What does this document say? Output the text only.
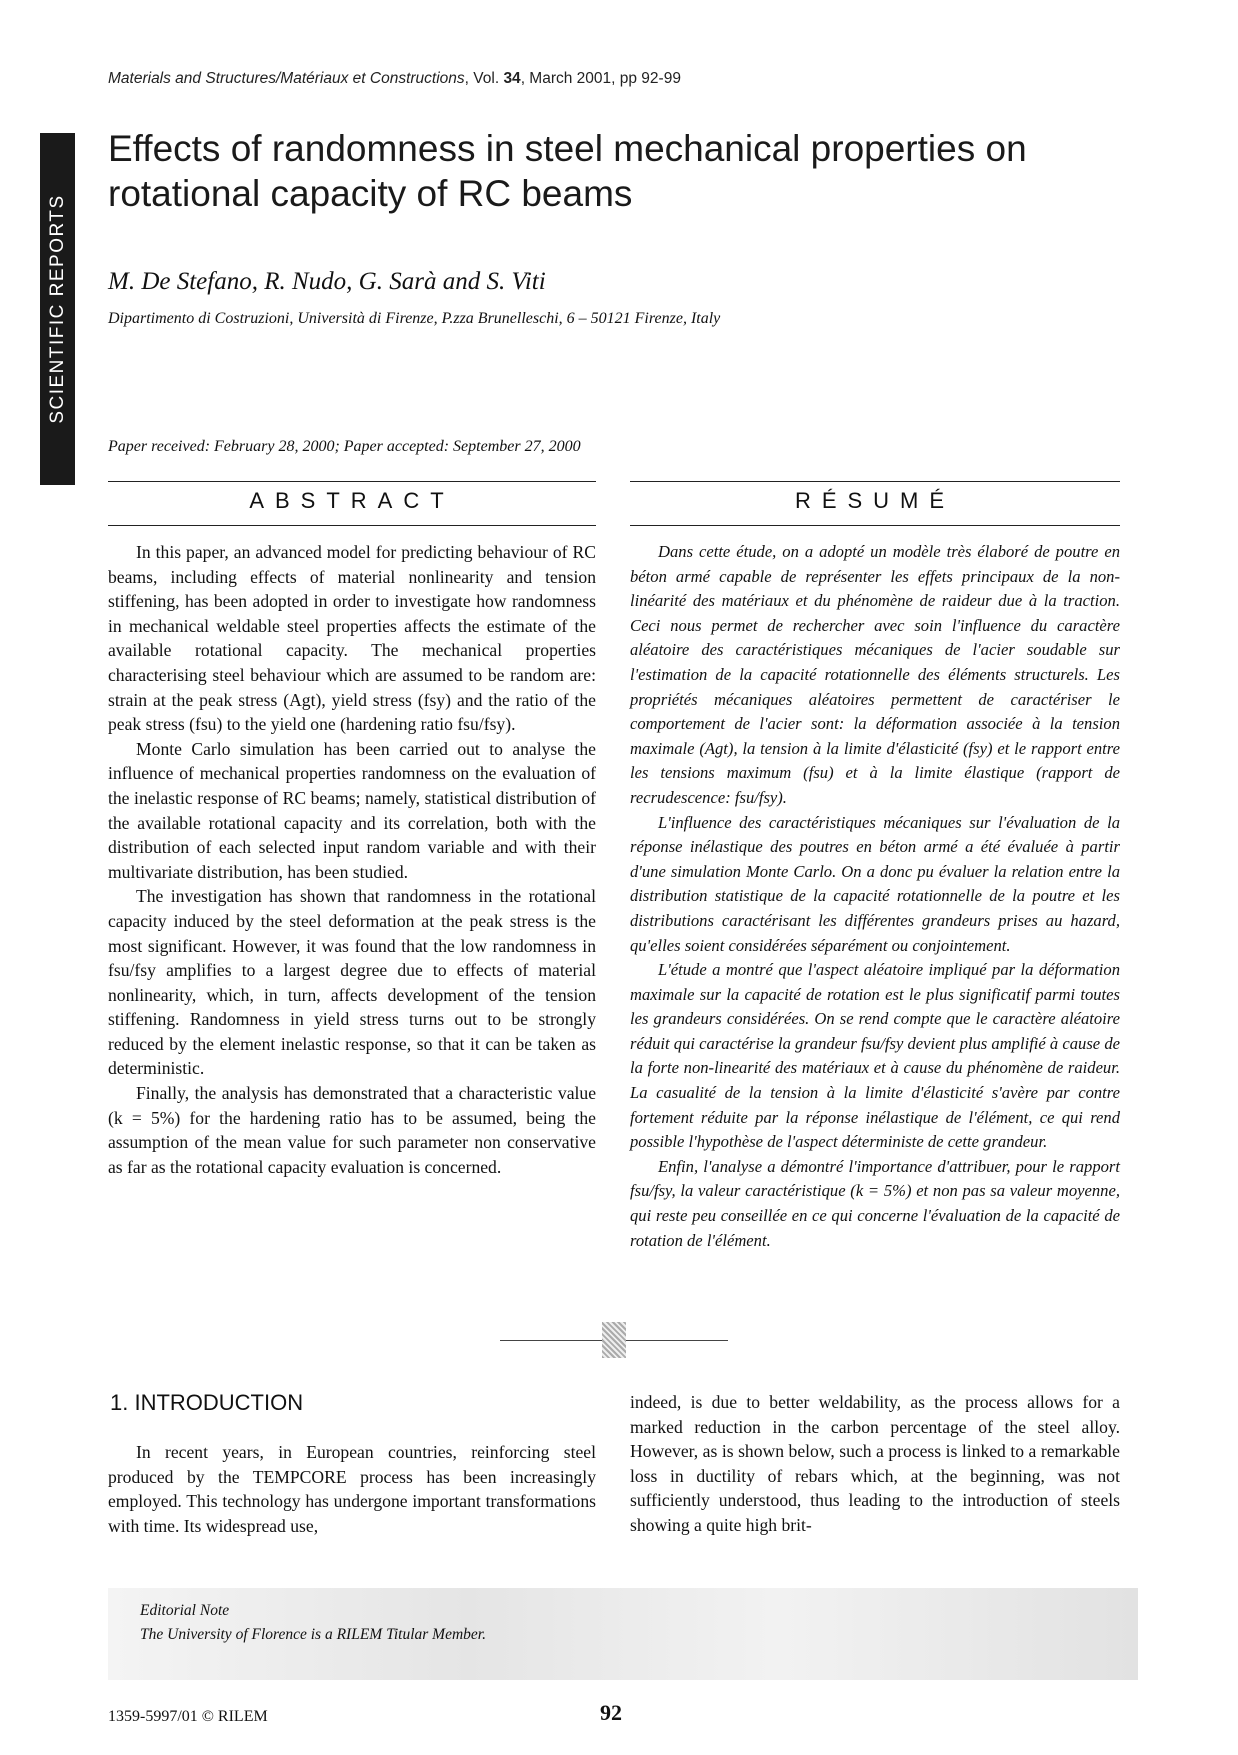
Materials and Structures/Matériaux et Constructions, Vol. 34, March 2001, pp 92-99
SCIENTIFIC REPORTS
Effects of randomness in steel mechanical properties on
rotational capacity of RC beams
M. De Stefano, R. Nudo, G. Sarà and S. Viti
Dipartimento di Costruzioni, Università di Firenze, P.zza Brunelleschi, 6 – 50121 Firenze, Italy
Paper received: February 28, 2000; Paper accepted: September 27, 2000
ABSTRACT	RÉSUMÉ

In this paper, an advanced model for predicting behaviour of RC beams, including effects of material nonlinearity and tension stiffening, has been adopted in order to investigate how randomness in mechanical weldable steel properties affects the estimate of the available rotational capacity. The mechanical properties characterising steel behaviour which are assumed to be random are: strain at the peak stress (Agt), yield stress (fsy) and the ratio of the peak stress (fsu) to the yield one (hardening ratio fsu/fsy).

Monte Carlo simulation has been carried out to analyse the influence of mechanical properties randomness on the evaluation of the inelastic response of RC beams; namely, statistical distribution of the available rotational capacity and its correlation, both with the distribution of each selected input random variable and with their multivariate distribution, has been studied.

The investigation has shown that randomness in the rotational capacity induced by the steel deformation at the peak stress is the most significant. However, it was found that the low randomness in fsu/fsy amplifies to a largest degree due to effects of material nonlinearity, which, in turn, affects development of the tension stiffening. Randomness in yield stress turns out to be strongly reduced by the element inelastic response, so that it can be taken as deterministic.

Finally, the analysis has demonstrated that a characteristic value (k = 5%) for the hardening ratio has to be assumed, being the assumption of the mean value for such parameter non conservative as far as the rotational capacity evaluation is concerned.

Dans cette étude, on a adopté un modèle très élaboré de poutre en béton armé capable de représenter les effets principaux de la non-linéarité des matériaux et du phénomène de raideur due à la traction. Ceci nous permet de rechercher avec soin l'influence du caractère aléatoire des caractéristiques mécaniques de l'acier soudable sur l'estimation de la capacité rotationnelle des éléments structurels. Les propriétés mécaniques aléatoires permettent de caractériser le comportement de l'acier sont: la déformation associée à la tension maximale (Agt), la tension à la limite d'élasticité (fsy) et le rapport entre les tensions maximum (fsu) et à la limite élastique (rapport de recrudescence: fsu/fsy).

L'influence des caractéristiques mécaniques sur l'évaluation de la réponse inélastique des poutres en béton armé a été évaluée à partir d'une simulation Monte Carlo. On a donc pu évaluer la relation entre la distribution statistique de la capacité rotationnelle de la poutre et les distributions caractérisant les différentes grandeurs prises au hazard, qu'elles soient considérées séparément ou conjointement.

L'étude a montré que l'aspect aléatoire impliqué par la déformation maximale sur la capacité de rotation est le plus significatif parmi toutes les grandeurs considérées. On se rend compte que le caractère aléatoire réduit qui caractérise la grandeur fsu/fsy devient plus amplifié à cause de la forte non-linearité des matériaux et à cause du phénomène de raideur. La casualité de la tension à la limite d'élasticité s'avère par contre fortement réduite par la réponse inélastique de l'élément, ce qui rend possible l'hypothèse de l'aspect déterministe de cette grandeur.

Enfin, l'analyse a démontré l'importance d'attribuer, pour le rapport fsu/fsy, la valeur caractéristique (k = 5%) et non pas sa valeur moyenne, qui reste peu conseillée en ce qui concerne l'évaluation de la capacité de rotation de l'élément.

1. INTRODUCTION

In recent years, in European countries, reinforcing steel produced by the TEMPCORE process has been increasingly employed. This technology has undergone important transformations with time. Its widespread use,

indeed, is due to better weldability, as the process allows for a marked reduction in the carbon percentage of the steel alloy. However, as is shown below, such a process is linked to a remarkable loss in ductility of rebars which, at the beginning, was not sufficiently understood, thus leading to the introduction of steels showing a quite high brit-

Editorial Note
The University of Florence is a RILEM Titular Member.
1359-5997/01 © RILEM	92
